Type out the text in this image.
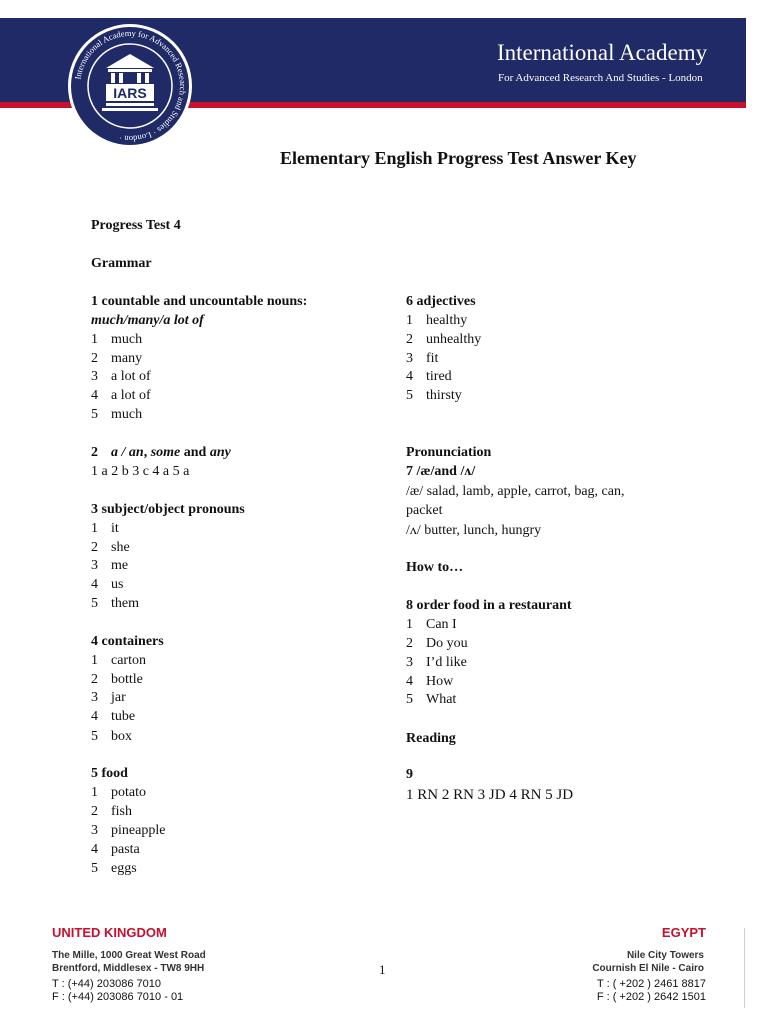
International Academy
For Advanced Research And Studies - London
International Academy for Advanced Research and Studies · London ·
IARS
Elementary English Progress Test Answer Key
Progress Test 4
Grammar
1 countable and uncountable nouns:
much/many/a lot of
1 much
2 many
3 a lot of
4 a lot of
5 much
2 a / an, some and any
1 a 2 b 3 c 4 a 5 a
3 subject/object pronouns
1 it
2 she
3 me
4 us
5 them
4 containers
1 carton
2 bottle
3 jar
4 tube
5 box
5 food
1 potato
2 fish
3 pineapple
4 pasta
5 eggs
6 adjectives
1 healthy
2 unhealthy
3 fit
4 tired
5 thirsty
Pronunciation
7 /æ/and /ʌ/
/æ/ salad, lamb, apple, carrot, bag, can,
packet
/ʌ/ butter, lunch, hungry
How to…
8 order food in a restaurant
1 Can I
2 Do you
3 I’d like
4 How
5 What
Reading
9
1 RN 2 RN 3 JD 4 RN 5 JD
UNITED KINGDOM
The Mille, 1000 Great West Road
Brentford, Middlesex - TW8 9HH
T : (+44) 203086 7010
F : (+44) 203086 7010 - 01
1
EGYPT
Nile City Towers
Cournish El Nile - Cairo
T : ( +202 ) 2461 8817
F : ( +202 ) 2642 1501
